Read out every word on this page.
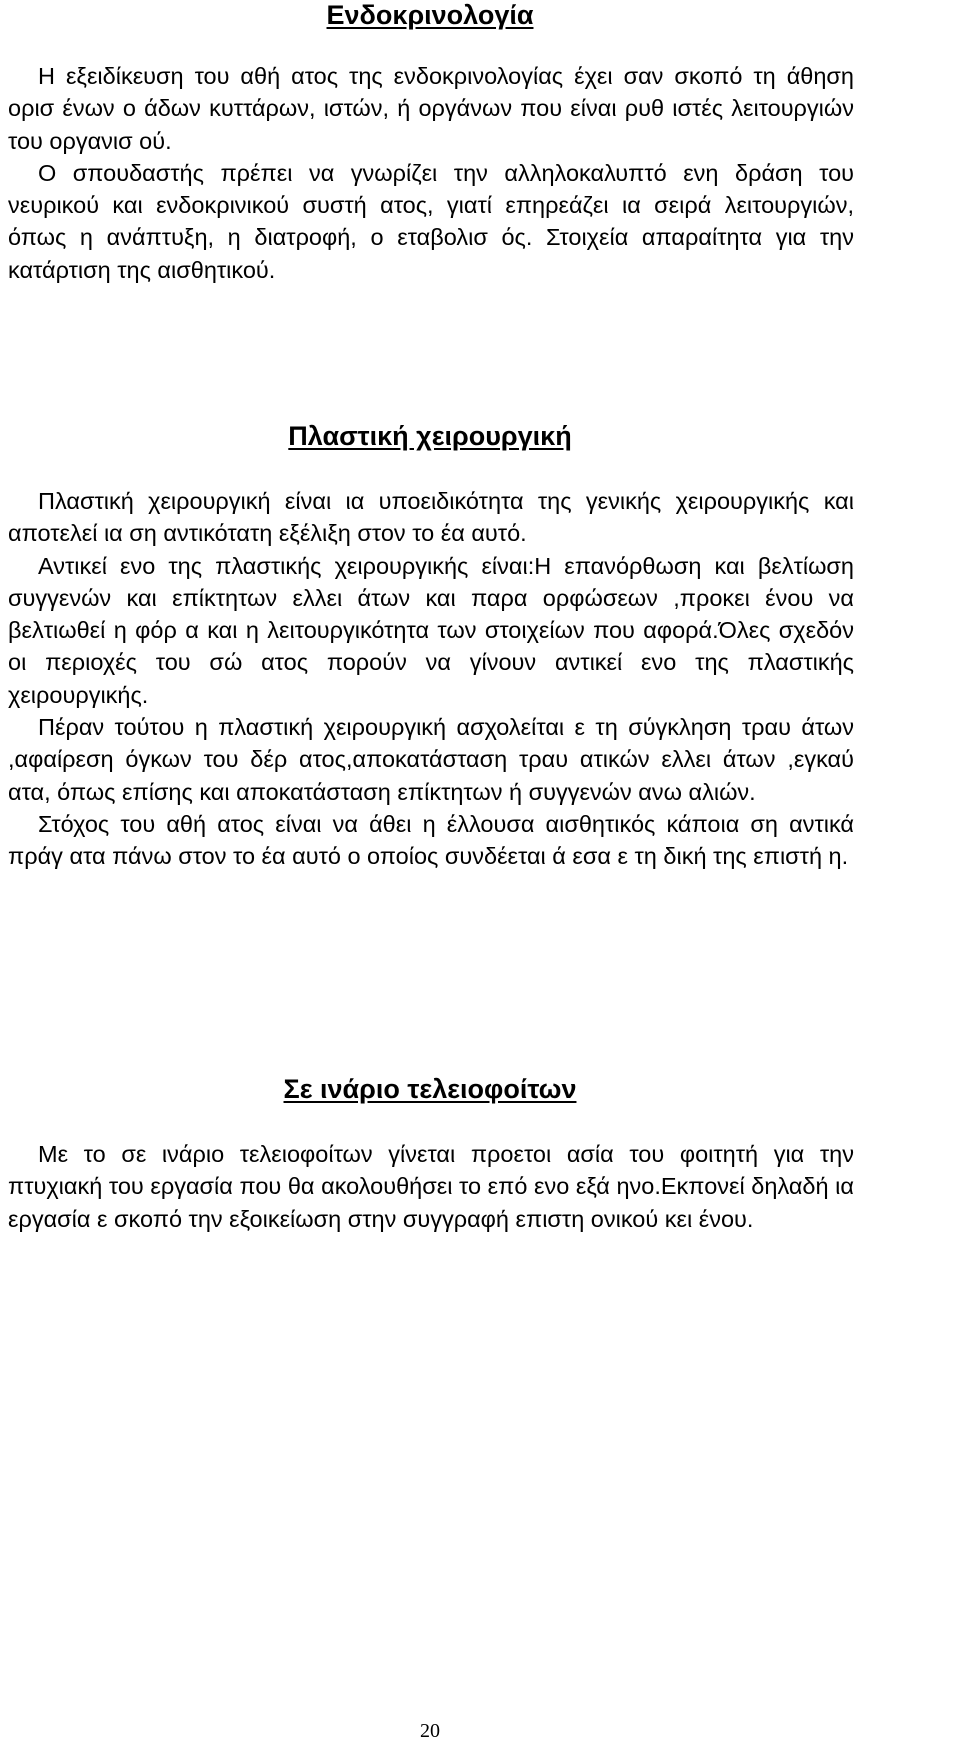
Ενδοκρινολογία

Η εξειδίκευση του αθή ατος της ενδοκρινολογίας έχει σαν σκοπό τη άθηση ορισ ένων ο άδων κυττάρων, ιστών, ή οργάνων που είναι ρυθ ιστές λειτουργιών του οργανισ ού.

Ο σπουδαστής πρέπει να γνωρίζει την αλληλοκαλυπτό ενη δράση του νευρικού και ενδοκρινικού συστή ατος, γιατί επηρεάζει ια σειρά λειτουργιών, όπως η ανάπτυξη, η διατροφή, ο εταβολισ ός. Στοιχεία απαραίτητα για την κατάρτιση της αισθητικού.

Πλαστική χειρουργική

Πλαστική χειρουργική είναι ια υποειδικότητα της γενικής χειρουργικής και αποτελεί ια ση αντικότατη εξέλιξη στον το έα αυτό.

Αντικεί ενο της πλαστικής χειρουργικής είναι:Η επανόρθωση και βελτίωση συγγενών και επίκτητων ελλει άτων και παρα ορφώσεων ,προκει ένου να βελτιωθεί η φόρ α και η λειτουργικότητα των στοιχείων που αφορά.Όλες σχεδόν οι περιοχές του σώ ατος πορούν να γίνουν αντικεί ενο της πλαστικής χειρουργικής.

Πέραν τούτου η πλαστική χειρουργική ασχολείται ε τη σύγκληση τραυ άτων ,αφαίρεση όγκων του δέρ ατος,αποκατάσταση τραυ ατικών ελλει άτων ,εγκαύ ατα, όπως επίσης και αποκατάσταση επίκτητων ή συγγενών ανω αλιών.

Στόχος του αθή ατος είναι να άθει η έλλουσα αισθητικός κάποια ση αντικά πράγ ατα πάνω στον το έα αυτό ο οποίος συνδέεται ά εσα ε τη δική της επιστή η.

Σε ινάριο τελειοφοίτων

Με το σε ινάριο τελειοφοίτων γίνεται προετοι ασία του φοιτητή για την πτυχιακή του εργασία που θα ακολουθήσει το επό ενο εξά ηνο.Εκπονεί δηλαδή ια εργασία ε σκοπό την εξοικείωση στην συγγραφή επιστη ονικού κει ένου.

20
